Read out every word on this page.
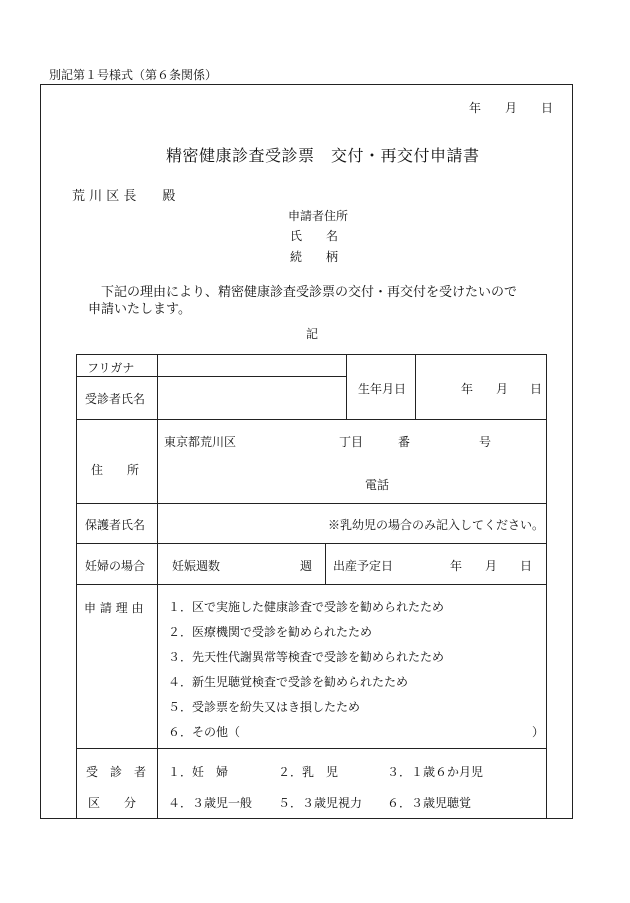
別記第１号様式（第６条関係）
年 月 日
精密健康診査受診票　交付・再交付申請書
荒 川 区 長　　殿
申請者住所
氏　　名
続　　柄
下記の理由により、精密健康診査受診票の交付・再交付を受けたいので
申請いたします。
記
フリガナ
受診者氏名
生年月日	年 月 日
住　　所
東京都荒川区	丁目	番	号
電話
保護者氏名	※乳幼児の場合のみ記入してください。
妊婦の場合 妊娠週数	週 出産予定日	年 月 日
申 請 理 由 １．区で実施した健康診査で受診を勧められたため
２．医療機関で受診を勧められたため
３．先天性代謝異常等検査で受診を勧められたため
４．新生児聴覚検査で受診を勧められたため
５．受診票を紛失又はき損したため
６．その他（	）
受　診　者
区　　分
１．妊　婦	２．乳　児	３．１歳６か月児
４．３歳児一般 ５．３歳児視力 ６．３歳児聴覚
